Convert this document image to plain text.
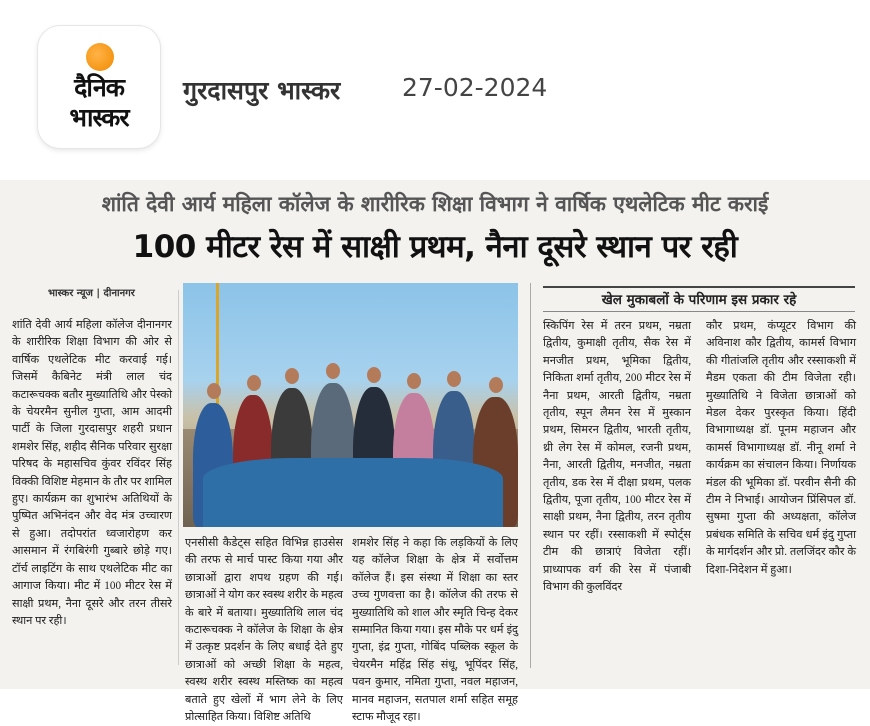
दैनिक
भास्कर
गुरदासपुर भास्कर 27-02-2024
शांति देवी आर्य महिला कॉलेज के शारीरिक शिक्षा विभाग ने वार्षिक एथलेटिक मीट कराई
100 मीटर रेस में साक्षी प्रथम, नैना दूसरे स्थान पर रही
भास्कर न्यूज | दीनानगर
शांति देवी आर्य महिला कॉलेज दीनानगर के शारीरिक शिक्षा विभाग की ओर से वार्षिक एथलेटिक मीट करवाई गई। जिसमें कैबिनेट मंत्री लाल चंद कटारूचक्क बतौर मुख्यातिथि और पेस्को के चेयरमैन सुनील गुप्ता, आम आदमी पार्टी के जिला गुरदासपुर शहरी प्रधान शमशेर सिंह, शहीद सैनिक परिवार सुरक्षा परिषद के महासचिव कुंवर रविंदर सिंह विक्की विशिष्ट मेहमान के तौर पर शामिल हुए। कार्यक्रम का शुभारंभ अतिथियों के पुष्पित अभिनंदन और वेद मंत्र उच्चारण से हुआ। तदोपरांत ध्वजारोहण कर आसमान में रंगबिरंगी गुब्बारे छोड़े गए। टॉर्च लाइटिंग के साथ एथलेटिक मीट का आगाज किया। मीट में 100 मीटर रेस में साक्षी प्रथम, नैना दूसरे और तरन तीसरे स्थान पर रही।
एनसीसी कैडेट्स सहित विभिन्न हाउसेस की तरफ से मार्च पास्ट किया गया और छात्राओं द्वारा शपथ ग्रहण की गई। छात्राओं ने योग कर स्वस्थ शरीर के महत्व के बारे में बताया। मुख्यातिथि लाल चंद कटारूचक्क ने कॉलेज के शिक्षा के क्षेत्र में उत्कृष्ट प्रदर्शन के लिए बधाई देते हुए छात्राओं को अच्छी शिक्षा के महत्व, स्वस्थ शरीर स्वस्थ मस्तिष्क का महत्व बताते हुए खेलों में भाग लेने के लिए प्रोत्साहित किया। विशिष्ट अतिथि
शमशेर सिंह ने कहा कि लड़कियों के लिए यह कॉलेज शिक्षा के क्षेत्र में सर्वोत्तम कॉलेज हैं। इस संस्था में शिक्षा का स्तर उच्च गुणवत्ता का है। कॉलेज की तरफ से मुख्यातिथि को शाल और स्मृति चिन्ह देकर सम्मानित किया गया। इस मौके पर धर्म इंदु गुप्ता, इंद्र गुप्ता, गोबिंद पब्लिक स्कूल के चेयरमैन महिंद्र सिंह संधू, भूपिंदर सिंह, पवन कुमार, नमिता गुप्ता, नवल महाजन, मानव महाजन, सतपाल शर्मा सहित समूह स्टाफ मौजूद रहा।
खेल मुकाबलों के परिणाम इस प्रकार रहे
स्किपिंग रेस में तरन प्रथम, नम्रता द्वितीय, कुमाक्षी तृतीय, सैक रेस में मनजीत प्रथम, भूमिका द्वितीय, निकिता शर्मा तृतीय, 200 मीटर रेस में नैना प्रथम, आरती द्वितीय, नम्रता तृतीय, स्पून लैमन रेस में मुस्कान प्रथम, सिमरन द्वितीय, भारती तृतीय, थ्री लेग रेस में कोमल, रजनी प्रथम, नैना, आरती द्वितीय, मनजीत, नम्रता तृतीय, डक रेस में दीक्षा प्रथम, पलक द्वितीय, पूजा तृतीय, 100 मीटर रेस में साक्षी प्रथम, नैना द्वितीय, तरन तृतीय स्थान पर रहीं। रस्साकशी में स्पोर्ट्स टीम की छात्राएं विजेता रहीं। प्राध्यापक वर्ग की रेस में पंजाबी विभाग की कुलविंदर
कौर प्रथम, कंप्यूटर विभाग की अविनाश कौर द्वितीय, कामर्स विभाग की गीतांजलि तृतीय और रस्साकशी में मैडम एकता की टीम विजेता रही। मुख्यातिथि ने विजेता छात्राओं को मेडल देकर पुरस्कृत किया। हिंदी विभागाध्यक्ष डॉ. पूनम महाजन और कामर्स विभागाध्यक्ष डॉ. नीनू शर्मा ने कार्यक्रम का संचालन किया। निर्णायक मंडल की भूमिका डॉ. परवीन सैनी की टीम ने निभाई। आयोजन प्रिंसिपल डॉ. सुषमा गुप्ता की अध्यक्षता, कॉलेज प्रबंधक समिति के सचिव धर्म इंदु गुप्ता के मार्गदर्शन और प्रो. तलजिंदर कौर के दिशा-निदेशन में हुआ।
